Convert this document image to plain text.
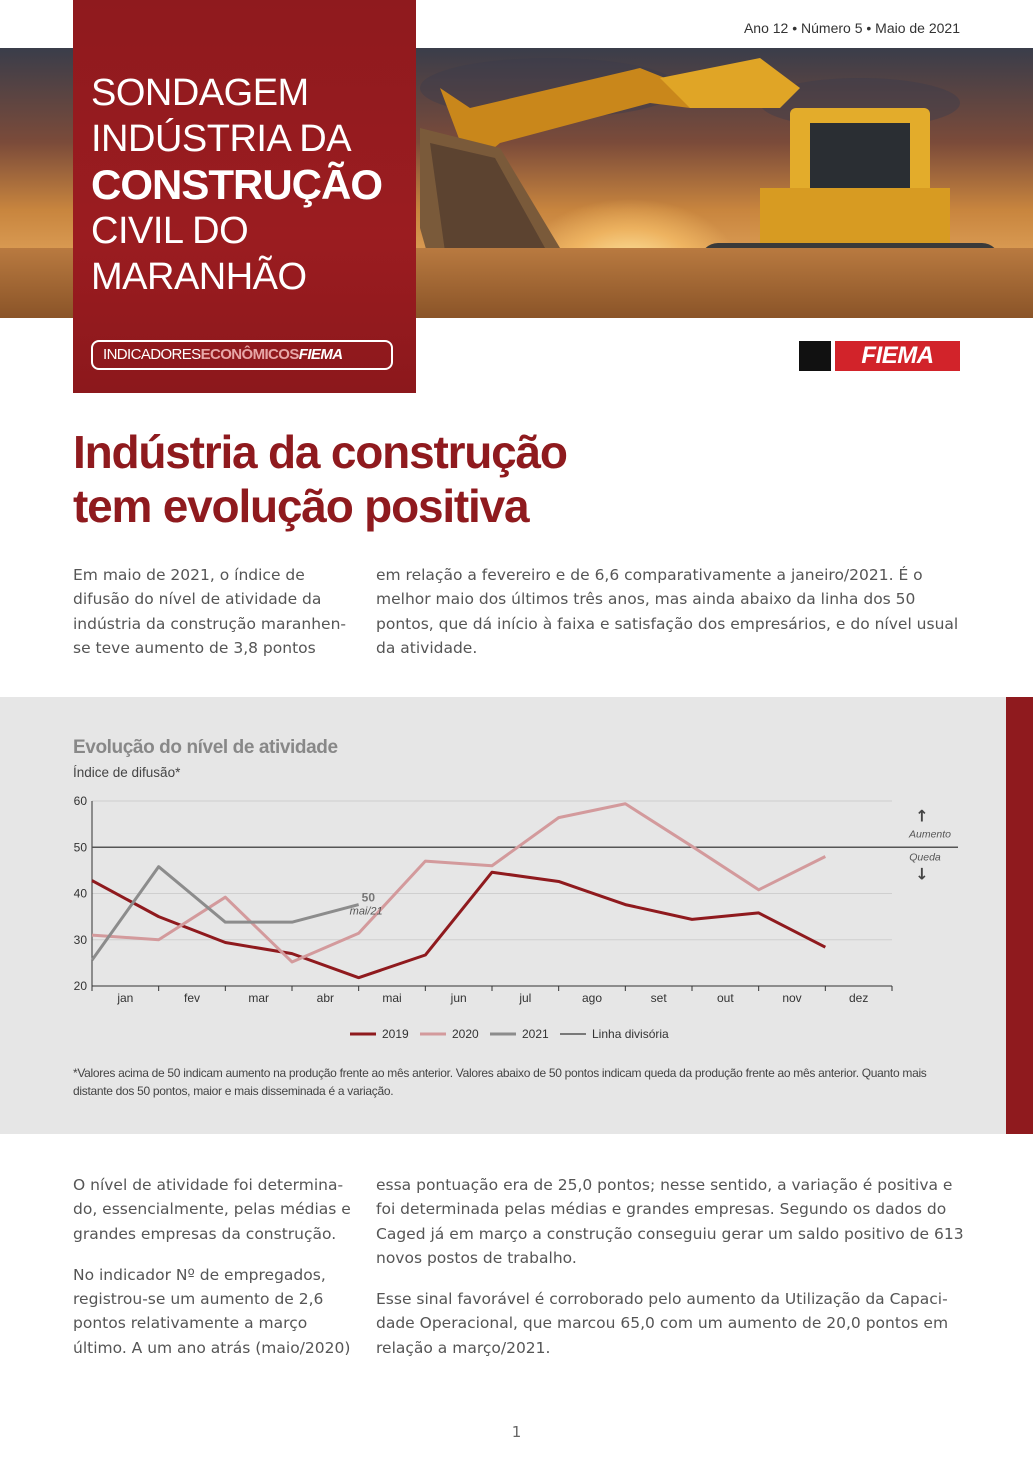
Ano 12 • Número 5 • Maio de 2021
SONDAGEM
INDÚSTRIA DA
CONSTRUÇÃO
CIVIL DO
MARANHÃO
INDICADORESECONÔMICOSFIEMA	FIEMA
Indústria da construção
tem evolução positiva

Em maio de 2021, o índice de difusão do nível de atividade da indústria da construção maranhen-se teve aumento de 3,8 pontos

em relação a fevereiro e de 6,6 comparativamente a janeiro/2021. É o melhor maio dos últimos três anos, mas ainda abaixo da linha dos 50 pontos, que dá início à faixa e satisfação dos empresários, e do nível usual da atividade.

Evolução do nível de atividade
Índice de difusão*
20
30
40
50
60
jan	fev	mar	abr	mai	jun	jul	ago	set	out	nov	dez
50
mai/21
↑
Aumento
Queda
↓
2019	2020	2021	Linha divisória
*Valores acima de 50 indicam aumento na produção frente ao mês anterior. Valores abaixo de 50 pontos indicam queda da produção frente ao mês anterior. Quanto mais distante dos 50 pontos, maior e mais disseminada é a variação.

O nível de atividade foi determina-do, essencialmente, pelas médias e grandes empresas da construção.

No indicador Nº de empregados, registrou-se um aumento de 2,6 pontos relativamente a março último. A um ano atrás (maio/2020)

essa pontuação era de 25,0 pontos; nesse sentido, a variação é positiva e foi determinada pelas médias e grandes empresas. Segundo os dados do Caged já em março a construção conseguiu gerar um saldo positivo de 613 novos postos de trabalho.

Esse sinal favorável é corroborado pelo aumento da Utilização da Capaci-dade Operacional, que marcou 65,0 com um aumento de 20,0 pontos em relação a março/2021.

1
